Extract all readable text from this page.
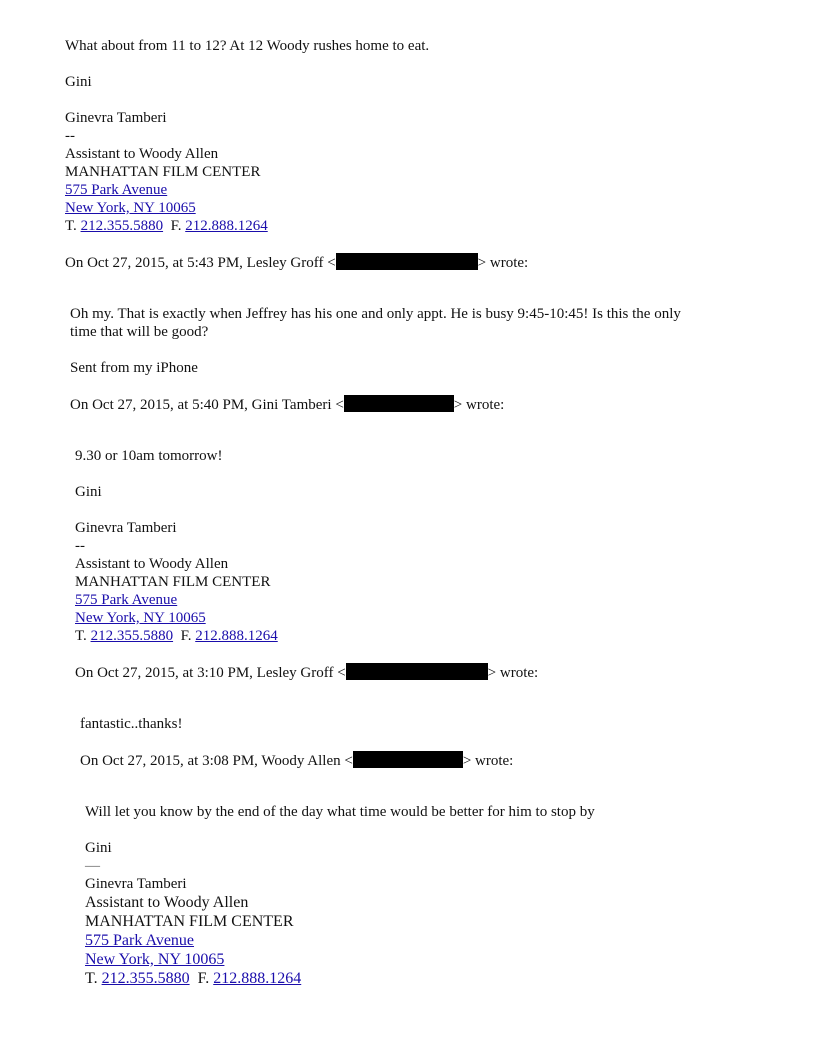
What about from 11 to 12? At 12 Woody rushes home to eat.

Gini

Ginevra Tamberi

--

Assistant to Woody Allen

MANHATTAN FILM CENTER

575 Park Avenue

New York, NY 10065

T. 212.355.5880 F. 212.888.1264

On Oct 27, 2015, at 5:43 PM, Lesley Groff <	> wrote:

Oh my. That is exactly when Jeffrey has his one and only appt. He is busy 9:45-10:45! Is this the only

time that will be good?

Sent from my iPhone

On Oct 27, 2015, at 5:40 PM, Gini Tamberi <	> wrote:

9.30 or 10am tomorrow!

Gini

Ginevra Tamberi

--

Assistant to Woody Allen

MANHATTAN FILM CENTER

575 Park Avenue

New York, NY 10065

T. 212.355.5880 F. 212.888.1264

On Oct 27, 2015, at 3:10 PM, Lesley Groff <	> wrote:

fantastic..thanks!

On Oct 27, 2015, at 3:08 PM, Woody Allen <	> wrote:

Will let you know by the end of the day what time would be better for him to stop by

Gini

—

Ginevra Tamberi

Assistant to Woody Allen

MANHATTAN FILM CENTER

575 Park Avenue

New York, NY 10065

T. 212.355.5880 F. 212.888.1264
